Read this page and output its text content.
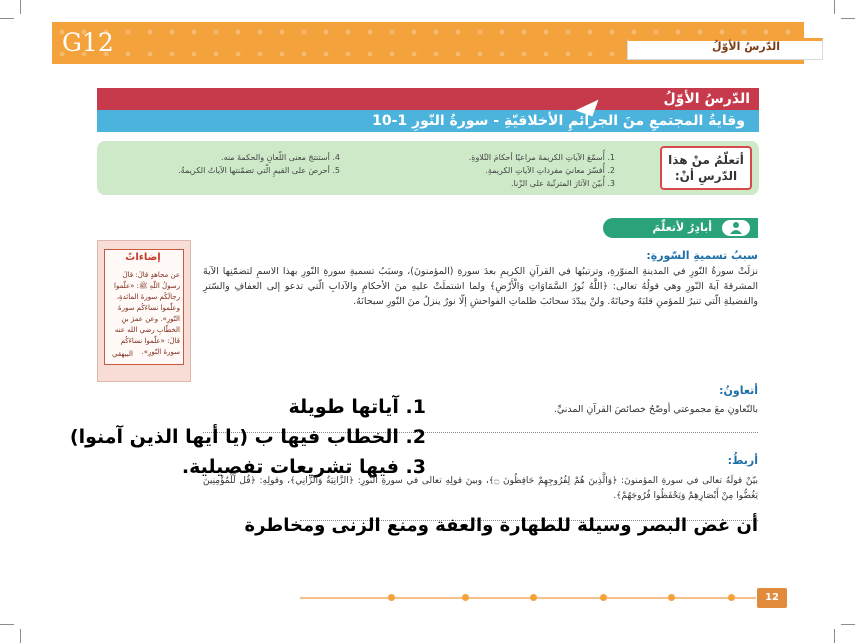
G12	الدّرسُ الأوّلُ
الدّرسُ الأوّلُ
وقايةُ المجتمعِ منَ الجرائمِ الأخلاقيّةِ - سورةُ النّورِ 1-10
أتعلّمُ منْ هذا الدّرسِ أنْ:
1. أُسمّعَ الآياتِ الكريمةَ مراعيًا أحكامَ التّلاوةِ.
2. أُفسّرَ معانيَ مفرداتِ الآياتِ الكريمةِ.
3. أُبيّنَ الآثارَ المترتّبةَ على الزّنا.
4. أستنتجَ معنى اللّعانِ والحكمةَ منه.
5. أحرصَ على القيمِ الّتي تضمّنتها الآياتُ الكريمةُ.
أبادِرُ لأتعلّمَ
إضاءاتٌ
عن مجاهدٍ قالَ: قالَ رسولُ اللّهِ ﷺ: «علّموا رجالَكُم سورةَ المائدةِ، وعلّموا نساءَكُم سورةَ النّورِ». وعن عمرَ بنِ الخطّابِ رضي الله عنه قالَ: «علّموا نساءَكُم سورةَ النّورِ».
البيهقي
سببُ تسميةِ السّورةِ:
نزلَتْ سورةُ النّورِ في المدينةِ المنوّرةِ، وترتيبُها في القرآنِ الكريمِ بعدَ سورةِ (المؤمنونَ)، وسبَبُ تسميةِ سورةِ النّورِ بهذا الاسمِ لتضمّنِها الآيةَ المشرقةَ آيةَ النّورِ وهي قولُهُ تعالى: ﴿اللَّهُ نُورُ السَّمَاوَاتِ وَالْأَرْضِ﴾ ولما اشتملَتْ عليهِ منَ الأحكامِ والآدابِ الّتي تدعو إلى العفافِ والسّترِ والفضيلةِ الّتي تنيرُ للمؤمنِ قلبَهُ وحياتَهُ. ولنْ يبدّدَ سحائبَ ظلماتِ الفواحشِ إلّا نورٌ ينزلُ منَ النّورِ سبحانَهُ.
أتعاونُ:
بالتّعاونِ معَ مجموعتي أوضّحُ خصائصَ القرآنِ المدنيِّ.
1. آياتها طويلة
2. الخطاب فيها ب (يا أيها الذين آمنوا)
3. فيها تشريعات تفصيلية.	أربطُ:
بيّنْ قولَهُ تعالى في سورةِ المؤمنونَ: ﴿وَالَّذِينَ هُمْ لِفُرُوجِهِمْ حَافِظُونَ ۝﴾، وبينَ قولِهِ تعالى في سورةِ النّورِ: ﴿الزَّانِيَةُ وَالزَّانِي﴾، وقولِهِ: ﴿قُل لِّلْمُؤْمِنِينَ يَغُضُّوا مِنْ أَبْصَارِهِمْ وَيَحْفَظُوا فُرُوجَهُمْ﴾.
أن غض البصر وسيلة للطهارة والعفة ومنع الزنى ومخاطرة
12
